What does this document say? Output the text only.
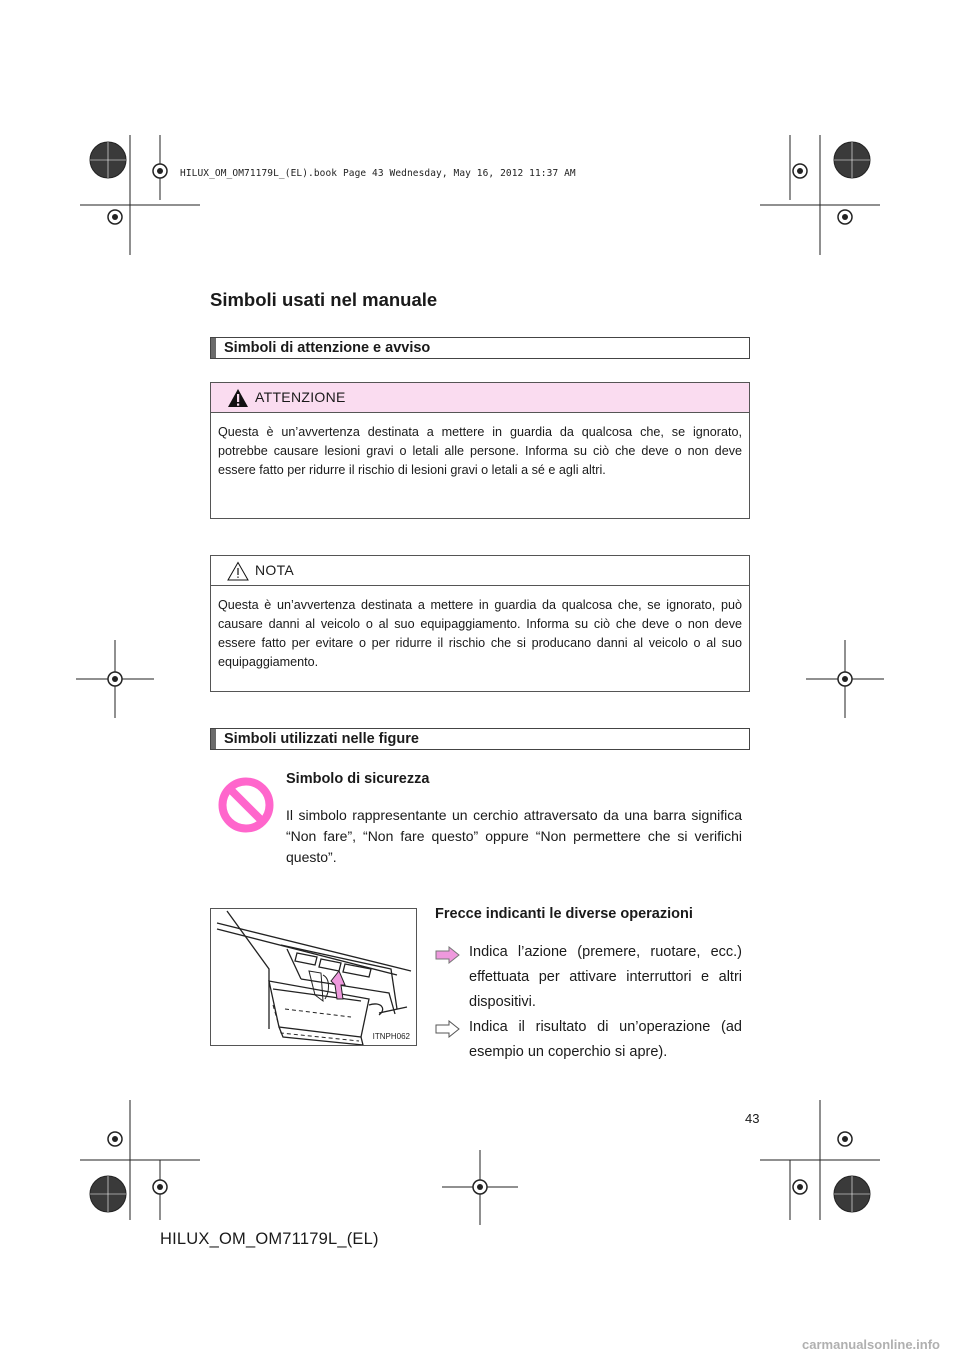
HILUX_OM_OM71179L_(EL).book Page 43 Wednesday, May 16, 2012 11:37 AM
Simboli usati nel manuale
Simboli di attenzione e avviso
ATTENZIONE
Questa è un’avvertenza destinata a mettere in guardia da qualcosa che, se ignorato, potrebbe causare lesioni gravi o letali alle persone. Informa su ciò che deve o non deve essere fatto per ridurre il rischio di lesioni gravi o letali a sé e agli altri.
NOTA
Questa è un’avvertenza destinata a mettere in guardia da qualcosa che, se ignorato, può causare danni al veicolo o al suo equipaggiamento. Informa su ciò che deve o non deve essere fatto per evitare o per ridurre il rischio che si producano danni al veicolo o al suo equipaggiamento.
Simboli utilizzati nelle figure
Simbolo di sicurezza
Il simbolo rappresentante un cerchio attraversato da una barra significa “Non fare”, “Non fare questo” oppure “Non permettere che si verifichi questo”.
ITNPH062
Frecce indicanti le diverse operazioni
Indica l’azione (premere, ruotare, ecc.) effettuata per attivare interruttori e altri dispositivi.
Indica il risultato di un’operazione (ad esempio un coperchio si apre).
43
HILUX_OM_OM71179L_(EL)
carmanualsonline.info
